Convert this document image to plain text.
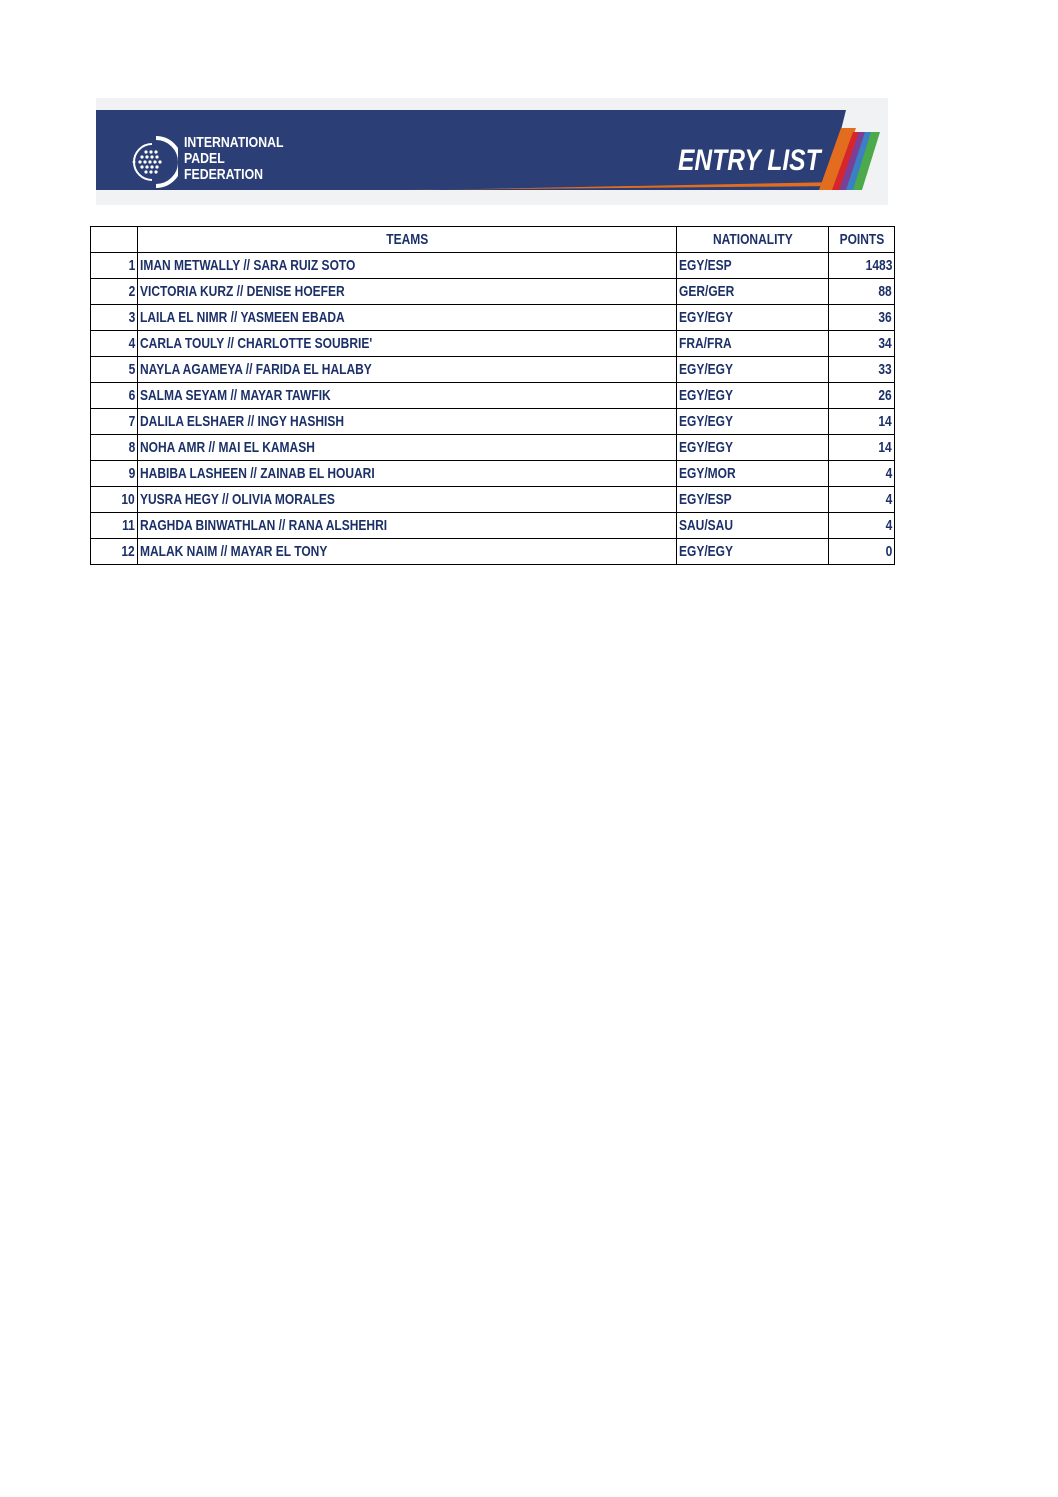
INTERNATIONAL
PADEL
FEDERATION	ENTRY LIST
	TEAMS	NATIONALITY	POINTS
1	IMAN METWALLY // SARA RUIZ SOTO	EGY/ESP	1483
2	VICTORIA KURZ // DENISE HOEFER	GER/GER	88
3	LAILA EL NIMR // YASMEEN EBADA	EGY/EGY	36
4	CARLA TOULY // CHARLOTTE SOUBRIE'	FRA/FRA	34
5	NAYLA AGAMEYA // FARIDA EL HALABY	EGY/EGY	33
6	SALMA SEYAM // MAYAR TAWFIK	EGY/EGY	26
7	DALILA ELSHAER // INGY HASHISH	EGY/EGY	14
8	NOHA AMR // MAI EL KAMASH	EGY/EGY	14
9	HABIBA LASHEEN // ZAINAB EL HOUARI	EGY/MOR	4
10	YUSRA HEGY // OLIVIA MORALES	EGY/ESP	4
11	RAGHDA BINWATHLAN // RANA ALSHEHRI	SAU/SAU	4
12	MALAK NAIM // MAYAR EL TONY	EGY/EGY	0
